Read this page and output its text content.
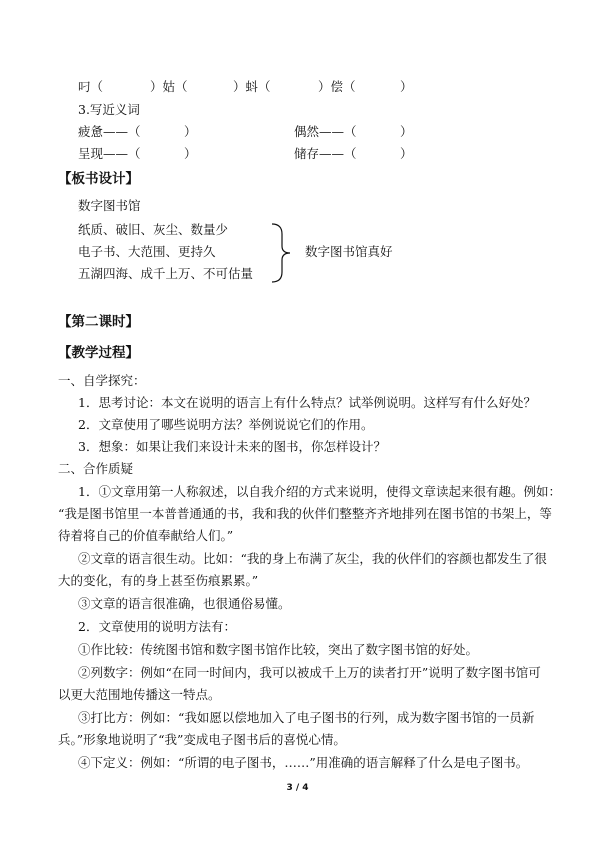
叼（	）姑（	）蚪（	）偿（	）
3.写近义词
疲惫——（	）	偶然——（	）
呈现——（	）	储存——（	）
【板书设计】
数字图书馆
纸质、破旧、灰尘、数量少
电子书、大范围、更持久
五湖四海、成千上万、不可估量
数字图书馆真好
【第二课时】
【教学过程】
一、自学探究：
1．思考讨论：本文在说明的语言上有什么特点？试举例说明。这样写有什么好处？
2．文章使用了哪些说明方法？举例说说它们的作用。
3．想象：如果让我们来设计未来的图书，你怎样设计？
二、合作质疑
1．①文章用第一人称叙述，以自我介绍的方式来说明，使得文章读起来很有趣。例如：
“我是图书馆里一本普普通通的书，我和我的伙伴们整整齐齐地排列在图书馆的书架上，等
待着将自己的价值奉献给人们。”
②文章的语言很生动。比如：“我的身上布满了灰尘，我的伙伴们的容颜也都发生了很
大的变化，有的身上甚至伤痕累累。”
③文章的语言很准确，也很通俗易懂。
2．文章使用的说明方法有：
①作比较：传统图书馆和数字图书馆作比较，突出了数字图书馆的好处。
②列数字：例如“在同一时间内，我可以被成千上万的读者打开”说明了数字图书馆可
以更大范围地传播这一特点。
③打比方：例如：“我如愿以偿地加入了电子图书的行列，成为数字图书馆的一员新
兵。”形象地说明了“我”变成电子图书后的喜悦心情。
④下定义：例如：“所谓的电子图书，……”用准确的语言解释了什么是电子图书。
3 / 4
